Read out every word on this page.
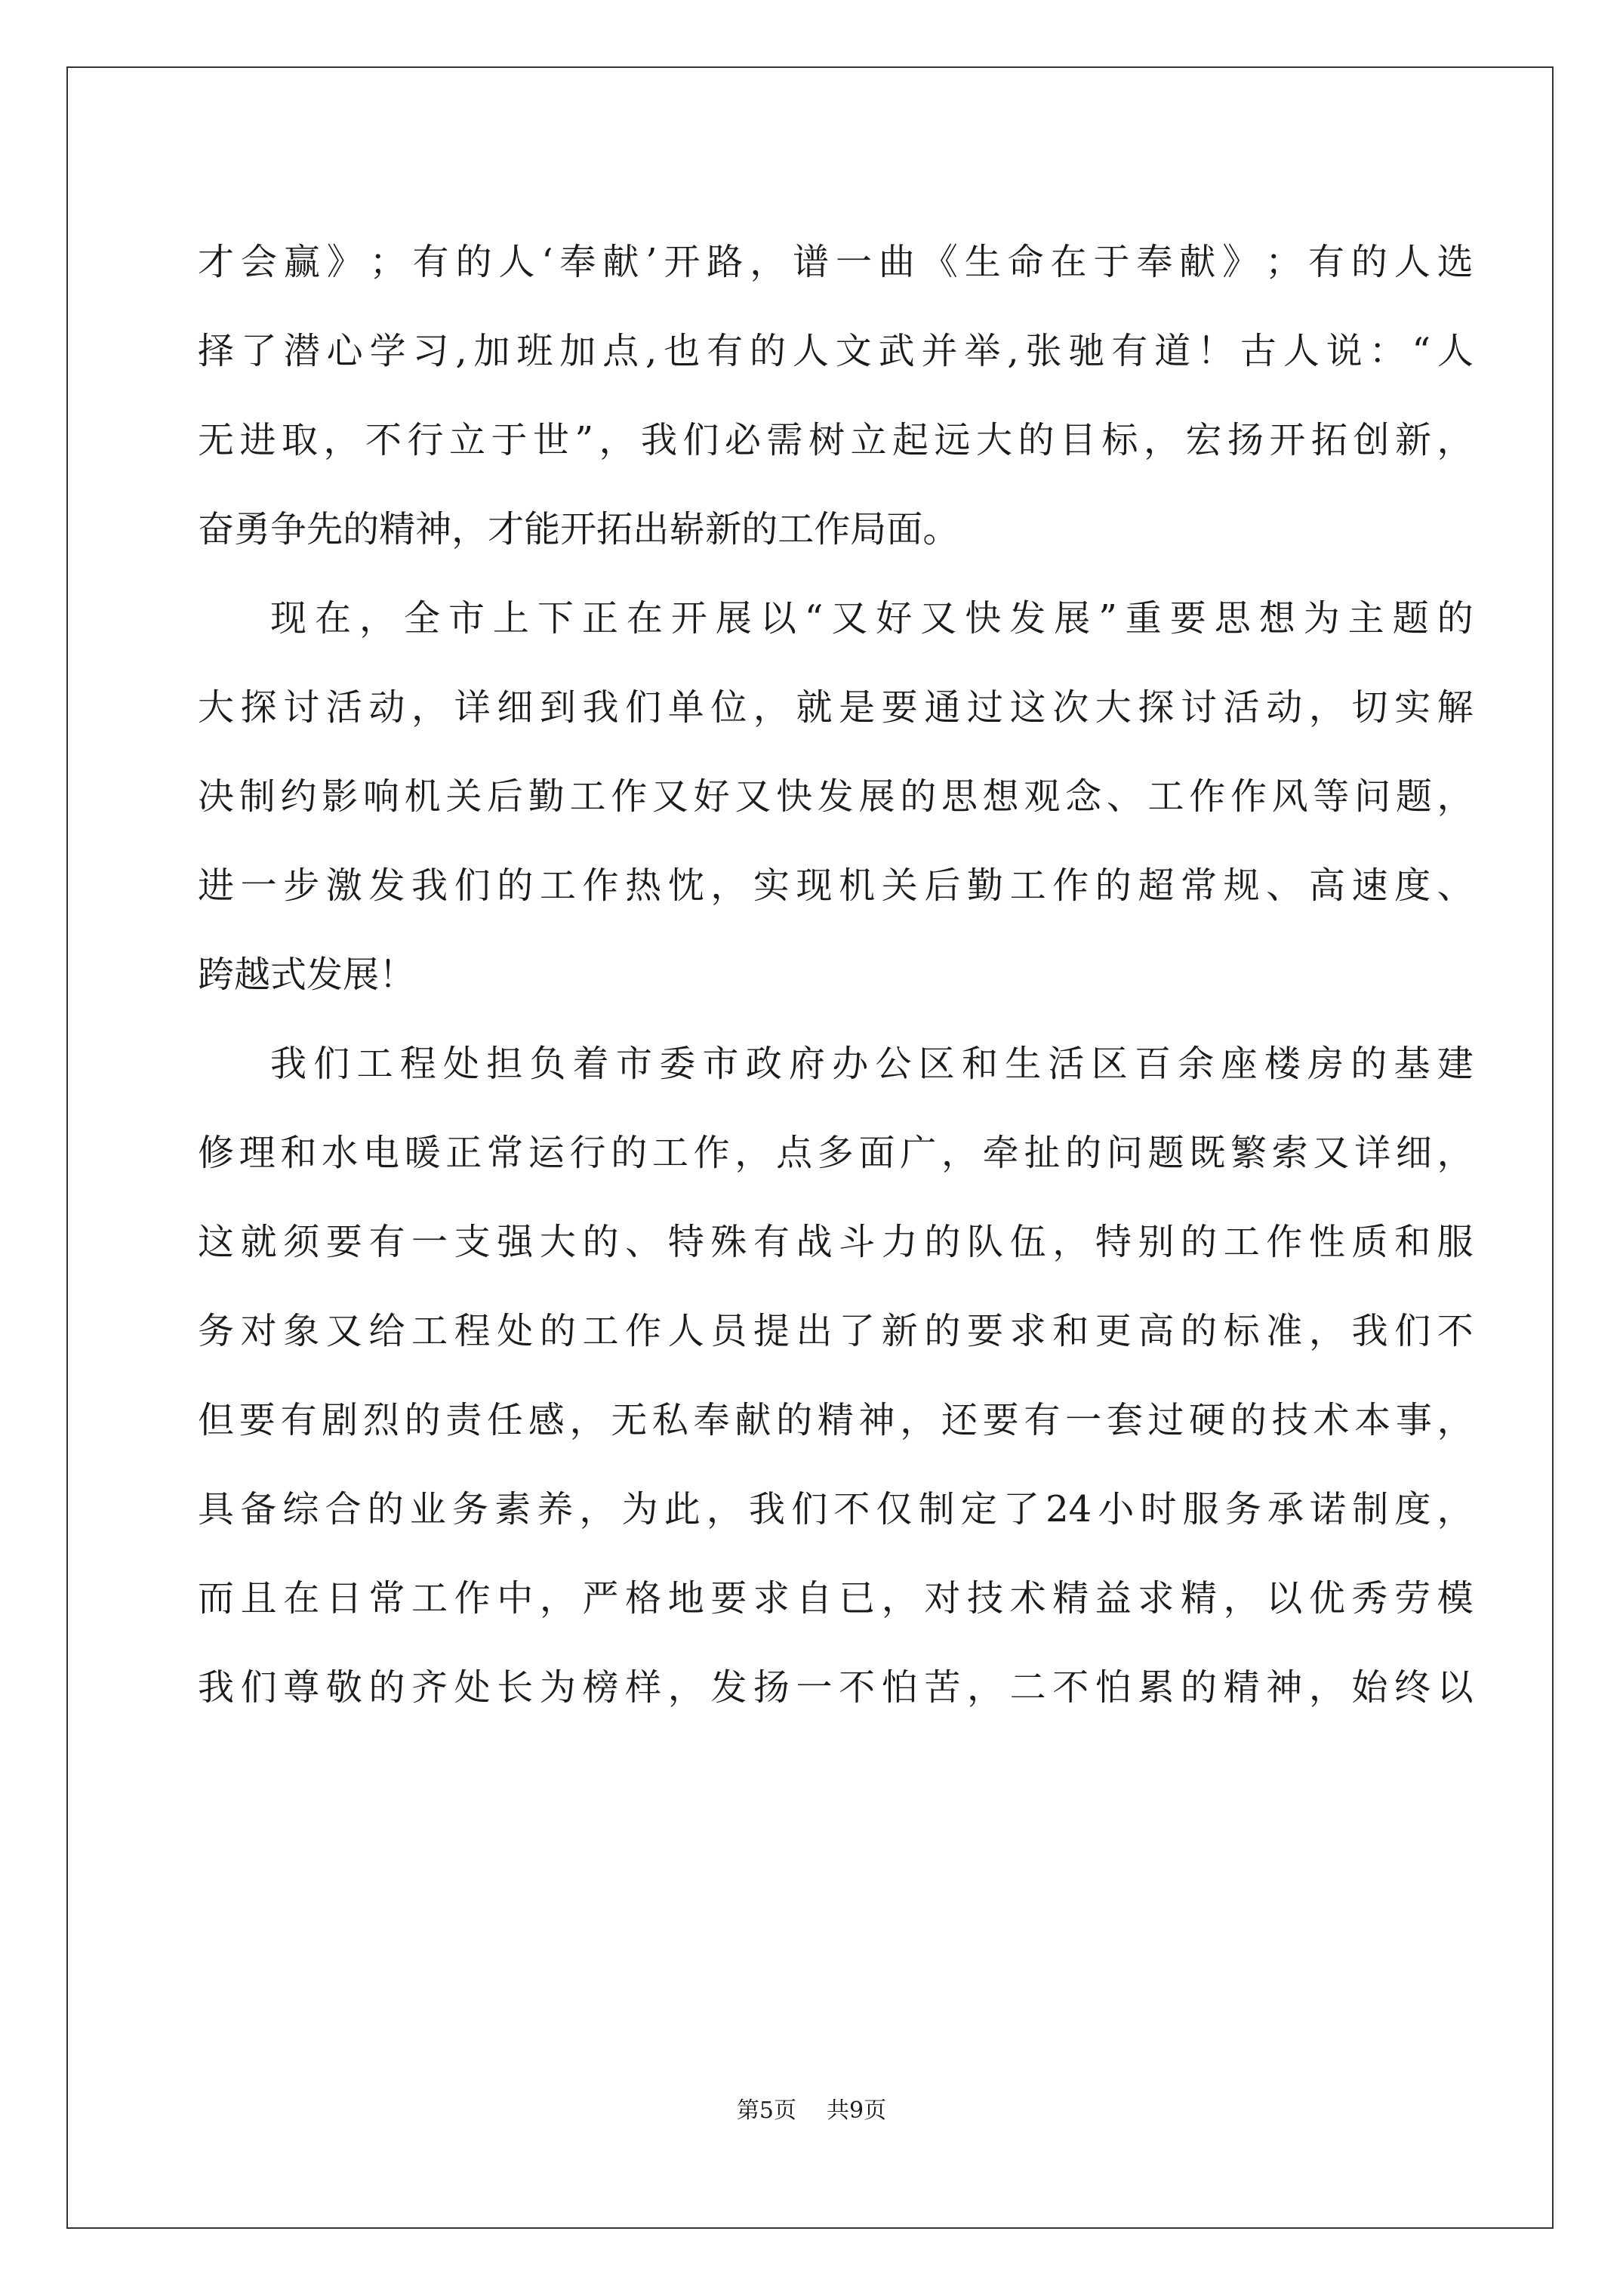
才 会 赢 》 ； 有 的 人 ‘ 奉 献 ’ 开 路 ， 谱 一 曲 《 生 命 在 于 奉 献 》 ； 有 的 人 选
择 了 潜 心 学 习 , 加 班 加 点 , 也 有 的 人 文 武 并 举 , 张 驰 有 道 ！ 古 人 说 ： “ 人
无 进 取 ， 不 行 立 于 世 ” ， 我 们 必 需 树 立 起 远 大 的 目 标 ， 宏 扬 开 拓 创 新 ，
奋 勇 争 先 的 精 神 ， 才 能 开 拓 出 崭 新 的 工 作 局 面 。
现 在 ， 全 市 上 下 正 在 开 展 以 “ 又 好 又 快 发 展 ” 重 要 思 想 为 主 题 的
大 探 讨 活 动 ， 详 细 到 我 们 单 位 ， 就 是 要 通 过 这 次 大 探 讨 活 动 ， 切 实 解
决 制 约 影 响 机 关 后 勤 工 作 又 好 又 快 发 展 的 思 想 观 念 、 工 作 作 风 等 问 题 ，
进 一 步 激 发 我 们 的 工 作 热 忱 ， 实 现 机 关 后 勤 工 作 的 超 常 规 、 高 速 度 、
跨 越 式 发 展 ！
我 们 工 程 处 担 负 着 市 委 市 政 府 办 公 区 和 生 活 区 百 余 座 楼 房 的 基 建
修 理 和 水 电 暖 正 常 运 行 的 工 作 ， 点 多 面 广 ， 牵 扯 的 问 题 既 繁 索 又 详 细 ，
这 就 须 要 有 一 支 强 大 的 、 特 殊 有 战 斗 力 的 队 伍 ， 特 别 的 工 作 性 质 和 服
务 对 象 又 给 工 程 处 的 工 作 人 员 提 出 了 新 的 要 求 和 更 高 的 标 准 ， 我 们 不
但 要 有 剧 烈 的 责 任 感 ， 无 私 奉 献 的 精 神 ， 还 要 有 一 套 过 硬 的 技 术 本 事 ，
具 备 综 合 的 业 务 素 养 ， 为 此 ， 我 们 不 仅 制 定 了 24 小 时 服 务 承 诺 制 度 ，
而 且 在 日 常 工 作 中 ， 严 格 地 要 求 自 已 ， 对 技 术 精 益 求 精 ， 以 优 秀 劳 模
我 们 尊 敬 的 齐 处 长 为 榜 样 ， 发 扬 一 不 怕 苦 ， 二 不 怕 累 的 精 神 ， 始 终 以
第5页 共9页
